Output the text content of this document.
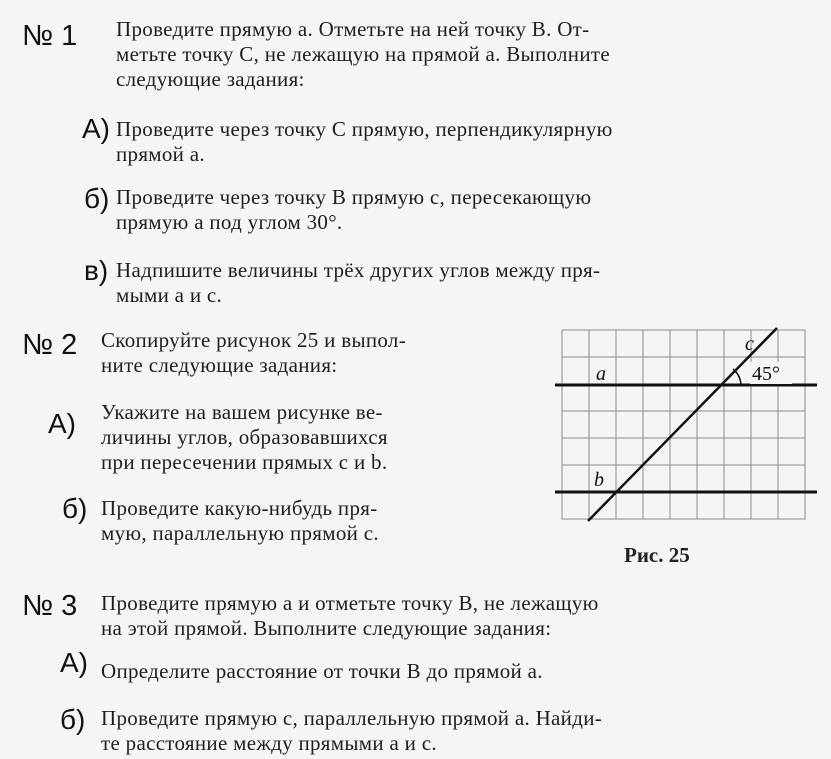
№ 1 Проведите прямую a. Отметьте на ней точку B. От-
метьте точку C, не лежащую на прямой a. Выполните
следующие задания:
А) Проведите через точку C прямую, перпендикулярную
прямой a.
б) Проведите через точку B прямую c, пересекающую
прямую a под углом 30°.
в) Надпишите величины трёх других углов между пря-
мыми a и c.
№ 2 Скопируйте рисунок 25 и выпол-
ните следующие задания:
А) Укажите на вашем рисунке ве-
личины углов, образовавшихся
при пересечении прямых c и b.
б) Проведите какую-нибудь пря-
мую, параллельную прямой c.
a
b
c
45°
Рис. 25
№ 3 Проведите прямую a и отметьте точку B, не лежащую
на этой прямой. Выполните следующие задания:
А) Определите расстояние от точки B до прямой a.
б) Проведите прямую c, параллельную прямой a. Найди-
те расстояние между прямыми a и c.
